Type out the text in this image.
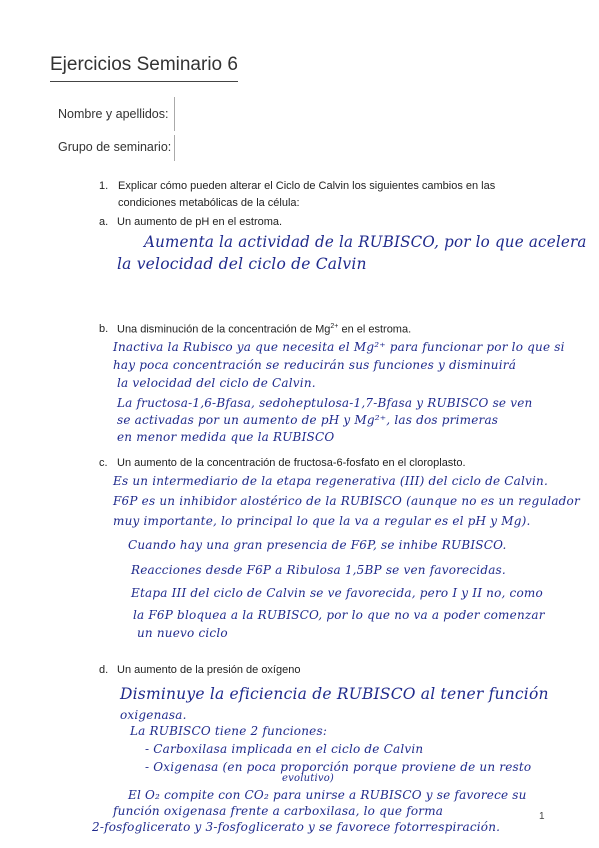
Ejercicios Seminario 6
Nombre y apellidos:
Grupo de seminario:
1. Explicar cómo pueden alterar el Ciclo de Calvin los siguientes cambios en las
condiciones metabólicas de la célula:
a. Un aumento de pH en el estroma.
Aumenta la actividad de la RUBISCO, por lo que acelera
la velocidad del ciclo de Calvin
b. Una disminución de la concentración de $Mg^{2+}$ en el estroma.
Inactiva la Rubisco ya que necesita el Mg²⁺ para funcionar por lo que si
hay poca concentración se reducirán sus funciones y disminuirá
la velocidad del ciclo de Calvin.
La fructosa-1,6-Bfasa, sedoheptulosa-1,7-Bfasa y RUBISCO se ven
se activadas por un aumento de pH y Mg²⁺, las dos primeras
en menor medida que la RUBISCO
c. Un aumento de la concentración de fructosa-6-fosfato en el cloroplasto.
Es un intermediario de la etapa regenerativa (III) del ciclo de Calvin.
F6P es un inhibidor alostérico de la RUBISCO (aunque no es un regulador
muy importante, lo principal lo que la va a regular es el pH y Mg).
Cuando hay una gran presencia de F6P, se inhibe RUBISCO.
Reacciones desde F6P a Ribulosa 1,5BP se ven favorecidas.
Etapa III del ciclo de Calvin se ve favorecida, pero I y II no, como
la F6P bloquea a la RUBISCO, por lo que no va a poder comenzar
un nuevo ciclo
d. Un aumento de la presión de oxígeno
Disminuye la eficiencia de RUBISCO al tener función
oxigenasa.
La RUBISCO tiene 2 funciones:
- Carboxilasa implicada en el ciclo de Calvin
- Oxigenasa (en poca proporción porque proviene de un resto
evolutivo)
El O₂ compite con CO₂ para unirse a RUBISCO y se favorece su
función oxigenasa frente a carboxilasa, lo que forma
2-fosfoglicerato y 3-fosfoglicerato y se favorece fotorrespiración.
1
